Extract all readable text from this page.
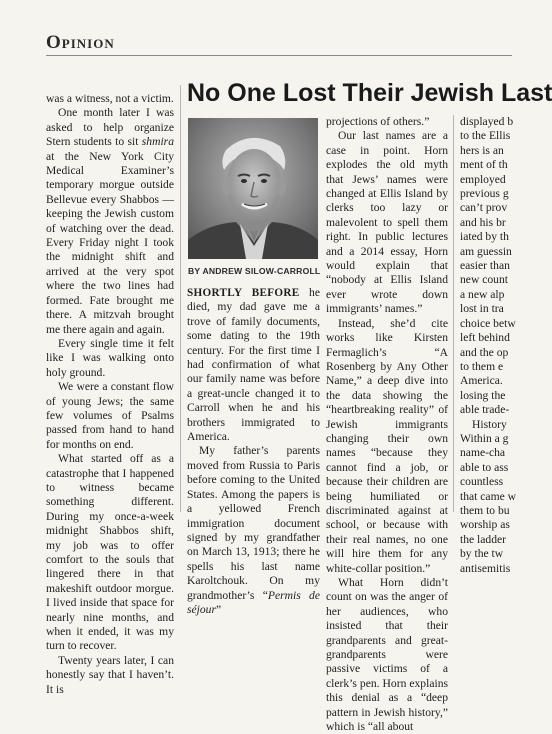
Opinion
No One Lost Their Jewish Last
BY ANDREW SILOW-CARROLL

was a witness, not a victim.

One month later I was asked to help organize Stern students to sit shmira at the New York City Medical Examiner’s temporary morgue outside Bellevue every Shabbos — keeping the Jewish custom of watching over the dead. Every Friday night I took the midnight shift and arrived at the very spot where the two lines had formed. Fate brought me there. A mitzvah brought me there again and again.

Every single time it felt like I was walking onto holy ground.

We were a constant flow of young Jews; the same few volumes of Psalms passed from hand to hand for months on end.

What started off as a catastrophe that I happened to witness became something different. During my once-a-week midnight Shabbos shift, my job was to offer comfort to the souls that lingered there in that makeshift outdoor morgue. I lived inside that space for nearly nine months, and when it ended, it was my turn to recover.

Twenty years later, I can honestly say that I haven’t. It is

SHORTLY BEFORE he died, my dad gave me a trove of family documents, some dating to the 19th century. For the first time I had confirmation of what our family name was before a great-uncle changed it to Carroll when he and his brothers immigrated to America.

My father’s parents moved from Russia to Paris before coming to the United States. Among the papers is a yellowed French immigration document signed by my grandfather on March 13, 1913; there he spells his last name Karoltchouk. On my grandmother’s “Permis de séjour”

projections of others.”

Our last names are a case in point. Horn explodes the old myth that Jews’ names were changed at Ellis Island by clerks too lazy or malevolent to spell them right. In public lectures and a 2014 essay, Horn would explain that “nobody at Ellis Island ever wrote down immigrants’ names.”

Instead, she’d cite works like Kirsten Fermaglich’s “A Rosenberg by Any Other Name,” a deep dive into the data showing the “heartbreaking reality” of Jewish immigrants changing their own names “because they cannot find a job, or because their children are being humiliated or discriminated against at school, or because with their real names, no one will hire them for any white-collar position.”

What Horn didn’t count on was the anger of her audiences, who insisted that their grandparents and great-grandparents were passive victims of a clerk’s pen. Horn explains this denial as a “deep pattern in Jewish history,” which is “all about

displayed b

to the Ellis

hers is an

ment of th

employed

previous g

can’t prov

and his br

iated by th

am guessin

easier than

new count

a new alp

lost in tra

choice betw

left behind

and the op

to them e

America.

losing the

able trade-

History

Within a g

name-cha

able to ass

countless

that came w

them to bu

worship as

the ladder

by the tw

antisemitis
